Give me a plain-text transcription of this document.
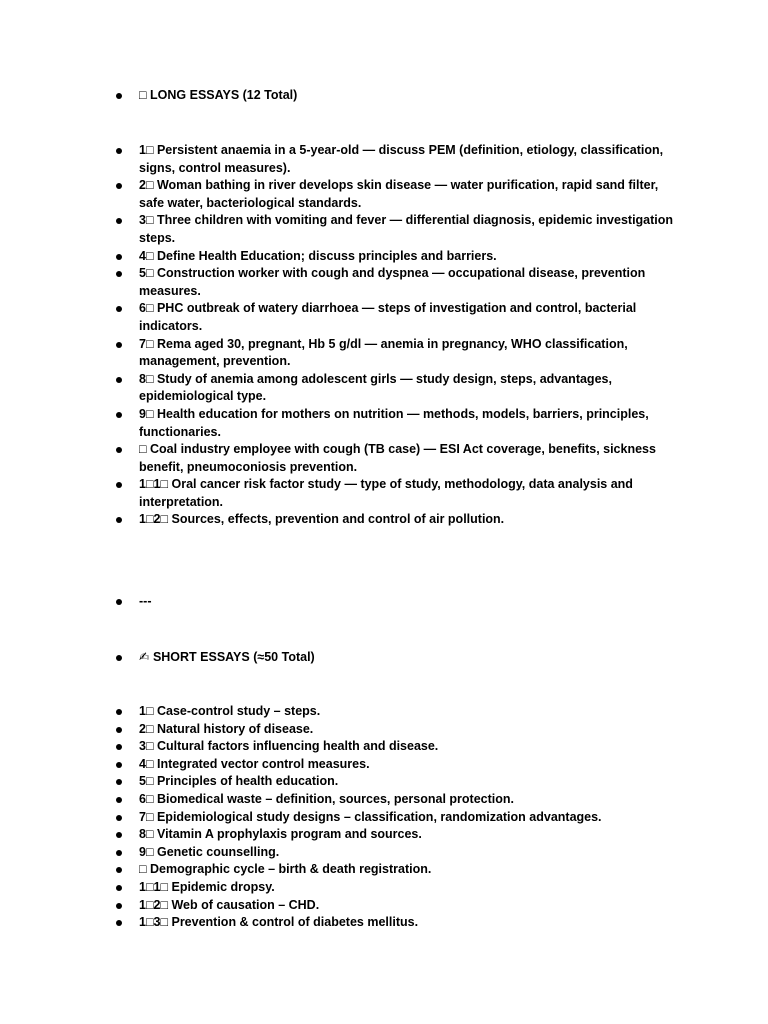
□ LONG ESSAYS (12 Total)
1□ Persistent anaemia in a 5-year-old — discuss PEM (definition, etiology, classification, signs, control measures).
2□ Woman bathing in river develops skin disease — water purification, rapid sand filter, safe water, bacteriological standards.
3□ Three children with vomiting and fever — differential diagnosis, epidemic investigation steps.
4□ Define Health Education; discuss principles and barriers.
5□ Construction worker with cough and dyspnea — occupational disease, prevention measures.
6□ PHC outbreak of watery diarrhoea — steps of investigation and control, bacterial indicators.
7□ Rema aged 30, pregnant, Hb 5 g/dl — anemia in pregnancy, WHO classification, management, prevention.
8□ Study of anemia among adolescent girls — study design, steps, advantages, epidemiological type.
9□ Health education for mothers on nutrition — methods, models, barriers, principles, functionaries.
□ Coal industry employee with cough (TB case) — ESI Act coverage, benefits, sickness benefit, pneumoconiosis prevention.
1□1□ Oral cancer risk factor study — type of study, methodology, data analysis and interpretation.
1□2□ Sources, effects, prevention and control of air pollution.
---
✍ SHORT ESSAYS (≈50 Total)
1□ Case-control study – steps.
2□ Natural history of disease.
3□ Cultural factors influencing health and disease.
4□ Integrated vector control measures.
5□ Principles of health education.
6□ Biomedical waste – definition, sources, personal protection.
7□ Epidemiological study designs – classification, randomization advantages.
8□ Vitamin A prophylaxis program and sources.
9□ Genetic counselling.
□ Demographic cycle – birth & death registration.
1□1□ Epidemic dropsy.
1□2□ Web of causation – CHD.
1□3□ Prevention & control of diabetes mellitus.
